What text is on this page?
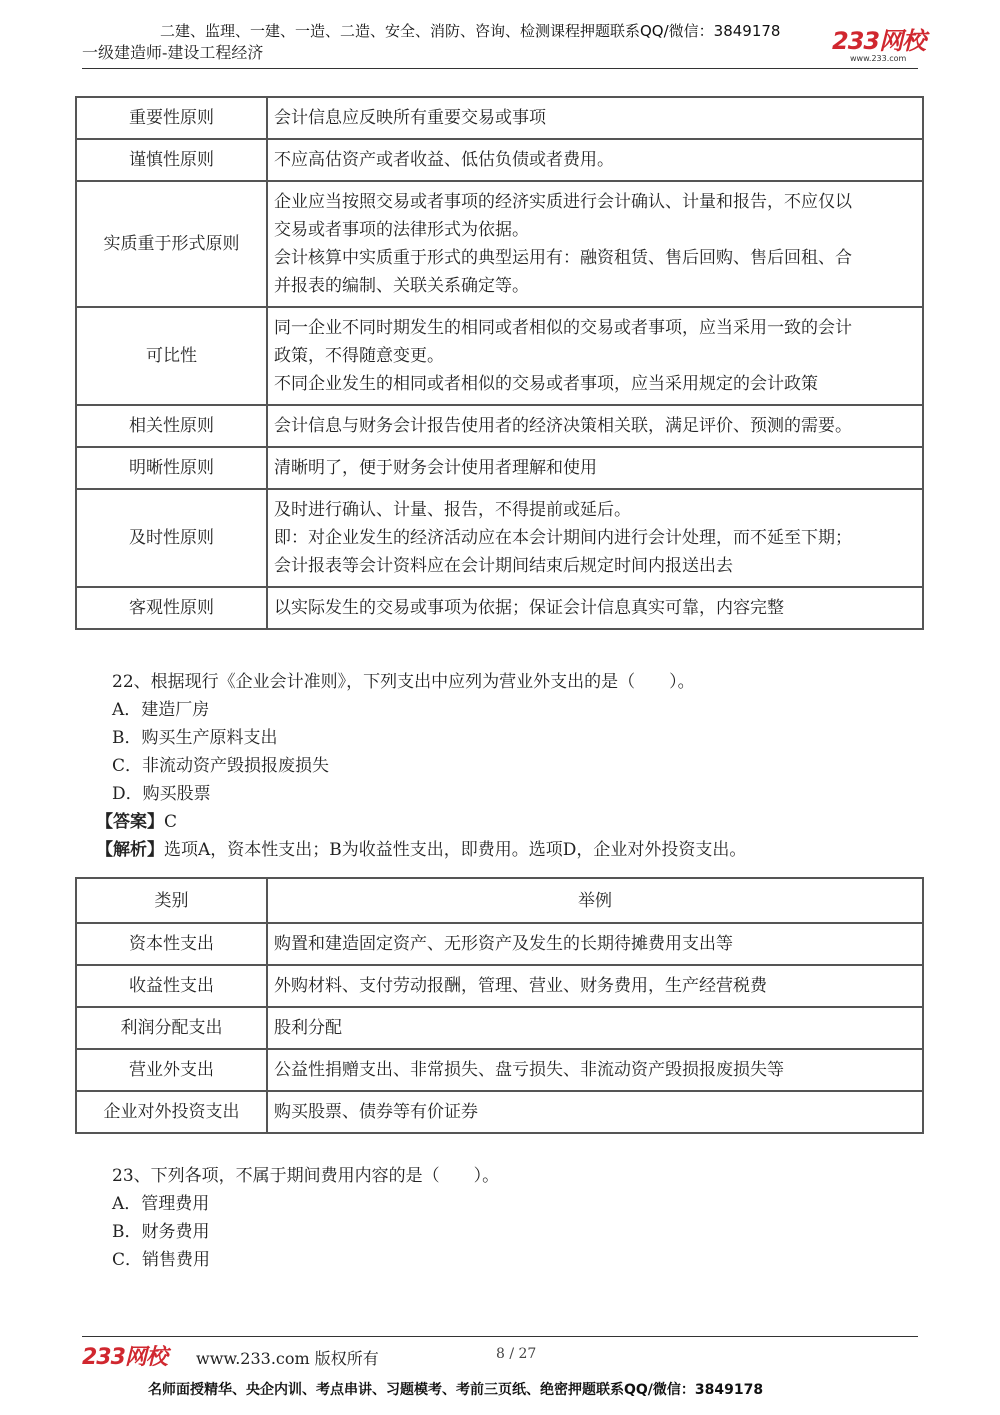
二建、监理、一建、一造、二造、安全、消防、咨询、检测课程押题联系QQ/微信：3849178
一级建造师-建设工程经济	233网校
www.233.com
重要性原则	会计信息应反映所有重要交易或事项

谨慎性原则	不应高估资产或者收益、低估负债或者费用。

实质重于形式原则	企业应当按照交易或者事项的经济实质进行会计确认、计量和报告，不应仅以
交易或者事项的法律形式为依据。
会计核算中实质重于形式的典型运用有：融资租赁、售后回购、售后回租、合
并报表的编制、关联关系确定等。

可比性	同一企业不同时期发生的相同或者相似的交易或者事项，应当采用一致的会计
政策，不得随意变更。
不同企业发生的相同或者相似的交易或者事项，应当采用规定的会计政策

相关性原则	会计信息与财务会计报告使用者的经济决策相关联，满足评价、预测的需要。

明晰性原则	清晰明了，便于财务会计使用者理解和使用

及时性原则	及时进行确认、计量、报告，不得提前或延后。
即：对企业发生的经济活动应在本会计期间内进行会计处理，而不延至下期；
会计报表等会计资料应在会计期间结束后规定时间内报送出去

客观性原则	以实际发生的交易或事项为依据；保证会计信息真实可靠，内容完整
22、根据现行《企业会计准则》，下列支出中应列为营业外支出的是（　　）。
A．建造厂房
B．购买生产原料支出
C．非流动资产毁损报废损失
D．购买股票
【答案】C
【解析】选项A，资本性支出；B为收益性支出，即费用。选项D，企业对外投资支出。
类别	举例
资本性支出	购置和建造固定资产、无形资产及发生的长期待摊费用支出等
收益性支出	外购材料、支付劳动报酬，管理、营业、财务费用，生产经营税费
利润分配支出	股利分配
营业外支出	公益性捐赠支出、非常损失、盘亏损失、非流动资产毁损报废损失等
企业对外投资支出	购买股票、债券等有价证券
23、下列各项，不属于期间费用内容的是（　　）。
A．管理费用
B．财务费用
C．销售费用
233网校 www.233.com 版权所有	8 / 27
名师面授精华、央企内训、考点串讲、习题模考、考前三页纸、绝密押题联系QQ/微信：3849178
